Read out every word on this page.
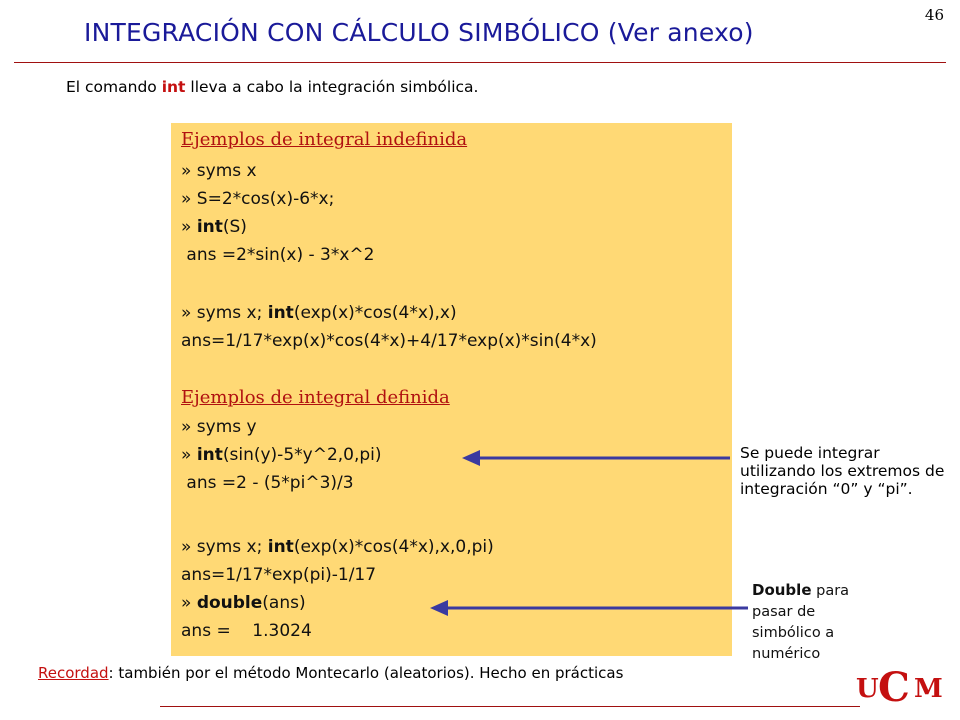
46
INTEGRACIÓN CON CÁLCULO SIMBÓLICO (Ver anexo)
El comando int lleva a cabo la integración simbólica.
Ejemplos de integral indefinida
» syms x
» S=2*cos(x)-6*x;
» int(S)
ans =2*sin(x) - 3*x^2
» syms x; int(exp(x)*cos(4*x),x)
ans=1/17*exp(x)*cos(4*x)+4/17*exp(x)*sin(4*x)
Ejemplos de integral definida
» syms y
» int(sin(y)-5*y^2,0,pi)
ans =2 - (5*pi^3)/3
» syms x; int(exp(x)*cos(4*x),x,0,pi)
ans=1/17*exp(pi)-1/17
» double(ans)
ans =    1.3024
Se puede integrar utilizando los extremos de integración “0” y “pi”.
Double para pasar de simbólico a numérico
Recordad: también por el método Montecarlo (aleatorios). Hecho en prácticas
U C M
